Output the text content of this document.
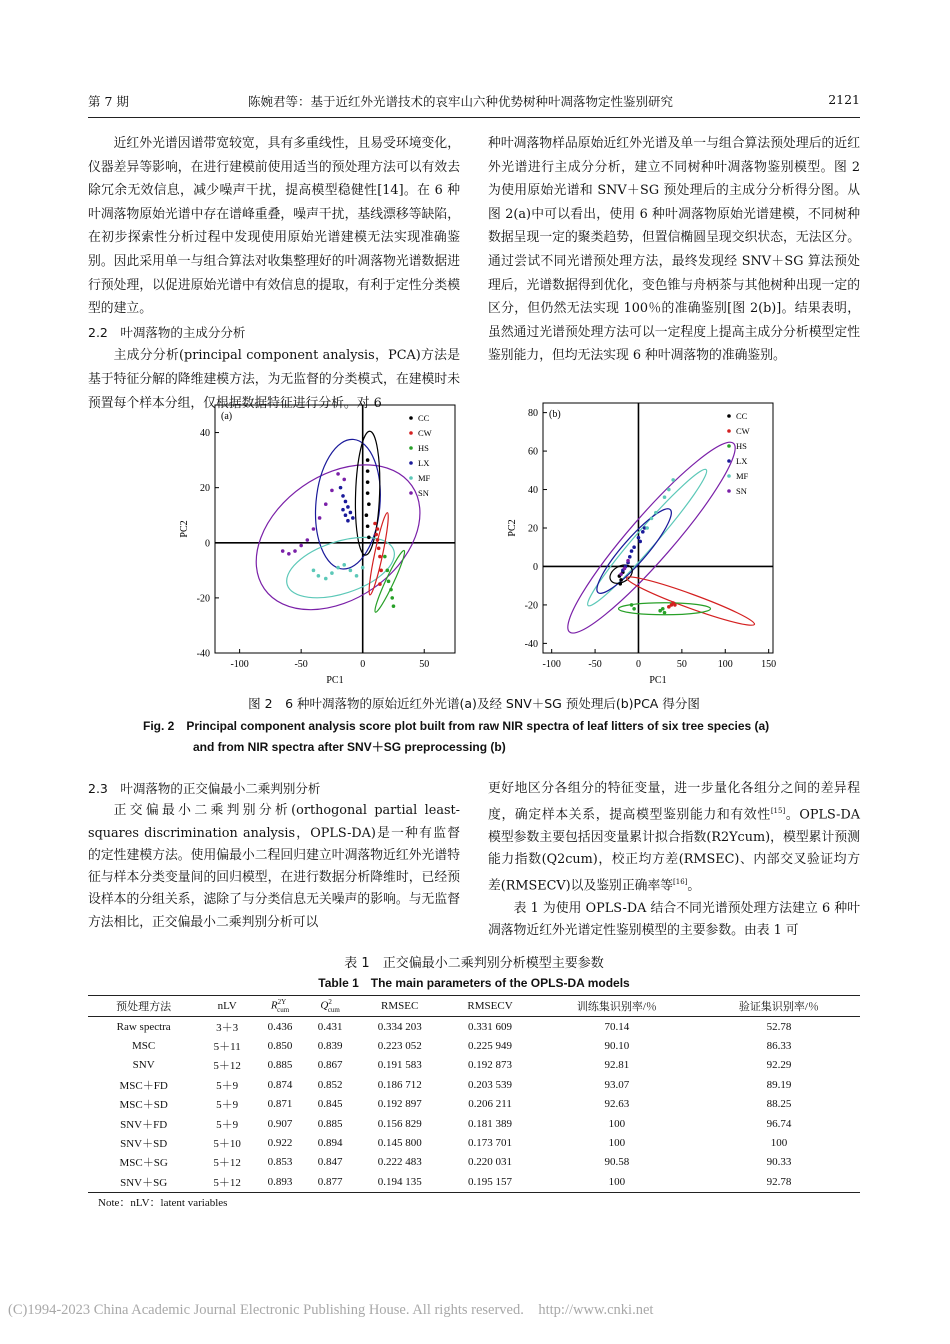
第 7 期	陈婉君等：基于近红外光谱技术的哀牢山六种优势树种叶凋落物定性鉴别研究	2121
近红外光谱因谱带宽较宽，具有多重线性，且易受环境变化，仪器差异等影响，在进行建模前使用适当的预处理方法可以有效去除冗余无效信息，减少噪声干扰，提高模型稳健性[14]。在 6 种叶凋落物原始光谱中存在谱峰重叠，噪声干扰，基线漂移等缺陷，在初步探索性分析过程中发现使用原始光谱建模无法实现准确鉴别。因此采用单一与组合算法对收集整理好的叶凋落物光谱数据进行预处理，以促进原始光谱中有效信息的提取，有利于定性分类模型的建立。
2.2　叶凋落物的主成分分析
主成分分析(principal component analysis，PCA)方法是基于特征分解的降维建模方法，为无监督的分类模式，在建模时未预置每个样本分组，仅根据数据特征进行分析。对 6
种叶凋落物样品原始近红外光谱及单一与组合算法预处理后的近红外光谱进行主成分分析，建立不同树种叶凋落物鉴别模型。图 2 为使用原始光谱和 SNV＋SG 预处理后的主成分分析得分图。从图 2(a)中可以看出，使用 6 种叶凋落物原始光谱建模，不同树种数据呈现一定的聚类趋势，但置信椭圆呈现交织状态，无法区分。通过尝试不同光谱预处理方法，最终发现经 SNV＋SG 算法预处理后，光谱数据得到优化，变色锥与舟柄茶与其他树种出现一定的区分，但仍然无法实现 100％的准确鉴别[图 2(b)]。结果表明，虽然通过光谱预处理方法可以一定程度上提高主成分分析模型定性鉴别能力，但均无法实现 6 种叶凋落物的准确鉴别。
-100	-50	0	50
40
20
0
-20
-40
PC1
PC2
(a)	CC
CW
HS
LX
MF
SN
-100	-50	0	50	100	150
80
60
40
20
0
-20
-40
PC1
PC2
(b)	CC
CW
HS
LX
MF
SN
图 2　6 种叶凋落物的原始近红外光谱(a)及经 SNV＋SG 预处理后(b)PCA 得分图
Fig. 2　Principal component analysis score plot built from raw NIR spectra of leaf litters of six tree species (a)
and from NIR spectra after SNV＋SG preprocessing (b)
2.3　叶凋落物的正交偏最小二乘判别分析
正交偏最小二乘判别分析(orthogonal partial least-squares discrimination analysis，OPLS-DA)是一种有监督的定性建模方法。使用偏最小二程回归建立叶凋落物近红外光谱特征与样本分类变量间的回归模型，在进行数据分析降维时，已经预设样本的分组关系，滤除了与分类信息无关噪声的影响。与无监督方法相比，正交偏最小二乘判别分析可以
更好地区分各组分的特征变量，进一步量化各组分之间的差异程度，确定样本关系，提高模型鉴别能力和有效性[15]。OPLS-DA 模型参数主要包括因变量累计拟合指数(R2Ycum)，模型累计预测能力指数(Q2cum)，校正均方差(RMSEC)、内部交叉验证均方差(RMSECV)以及鉴别正确率等[16]。
表 1 为使用 OPLS-DA 结合不同光谱预处理方法建立 6 种叶凋落物近红外光谱定性鉴别模型的主要参数。由表 1 可
表 1　正交偏最小二乘判别分析模型主要参数
Table 1　The main parameters of the OPLS-DA models
预处理方法	nLV	$R^{2Y}_{cum}$	$Q^2_{cum}$	RMSEC	RMSECV	训练集识别率/％	验证集识别率/％
Raw spectra	3＋3	0.436	0.431	0.334 203	0.331 609	70.14	52.78
MSC	5＋11	0.850	0.839	0.223 052	0.225 949	90.10	86.33
SNV	5＋12	0.885	0.867	0.191 583	0.192 873	92.81	92.29
MSC＋FD	5＋9	0.874	0.852	0.186 712	0.203 539	93.07	89.19
MSC＋SD	5＋9	0.871	0.845	0.192 897	0.206 211	92.63	88.25
SNV＋FD	5＋9	0.907	0.885	0.156 829	0.181 389	100	96.74
SNV＋SD	5＋10	0.922	0.894	0.145 800	0.173 701	100	100
MSC＋SG	5＋12	0.853	0.847	0.222 483	0.220 031	90.58	90.33
SNV＋SG	5＋12	0.893	0.877	0.194 135	0.195 157	100	92.78
Note：nLV：latent variables
(C)1994-2023 China Academic Journal Electronic Publishing House. All rights reserved.　http://www.cnki.net
